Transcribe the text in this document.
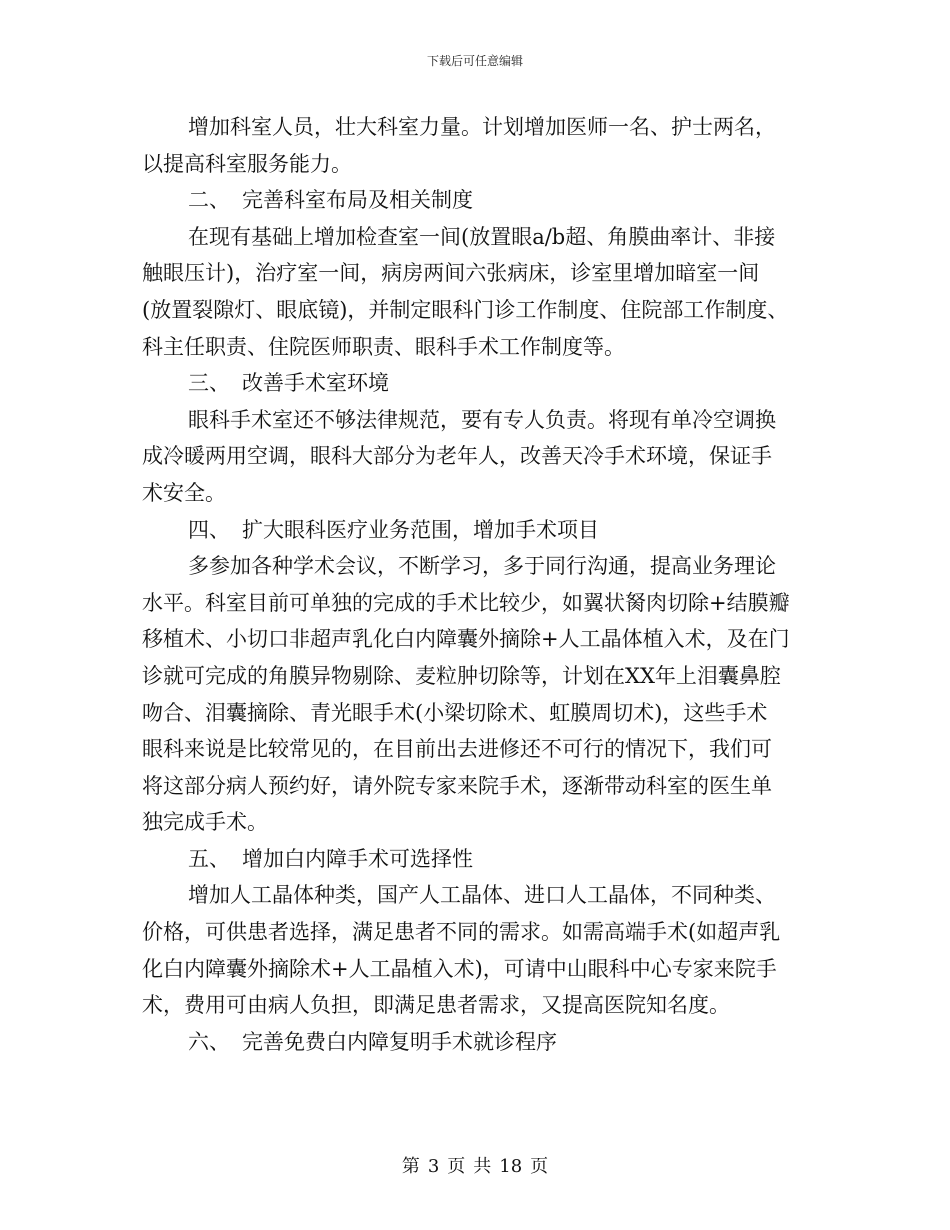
下载后可任意编辑

增加科室人员，壮大科室力量。计划增加医师一名、护士两名，

以提高科室服务能力。

二、 完善科室布局及相关制度

在现有基础上增加检查室一间(放置眼a/b超、角膜曲率计、非接

触眼压计)，治疗室一间，病房两间六张病床，诊室里增加暗室一间

(放置裂隙灯、眼底镜)，并制定眼科门诊工作制度、住院部工作制度、

科主任职责、住院医师职责、眼科手术工作制度等。

三、 改善手术室环境

眼科手术室还不够法律规范，要有专人负责。将现有单冷空调换

成冷暖两用空调，眼科大部分为老年人，改善天冷手术环境，保证手

术安全。

四、 扩大眼科医疗业务范围，增加手术项目

多参加各种学术会议，不断学习，多于同行沟通，提高业务理论

水平。科室目前可单独的完成的手术比较少，如翼状胬肉切除+结膜瓣

移植术、小切口非超声乳化白内障囊外摘除+人工晶体植入术，及在门

诊就可完成的角膜异物剔除、麦粒肿切除等，计划在XX年上泪囊鼻腔

吻合、泪囊摘除、青光眼手术(小梁切除术、虹膜周切术)，这些手术

眼科来说是比较常见的，在目前出去进修还不可行的情况下，我们可

将这部分病人预约好，请外院专家来院手术，逐渐带动科室的医生单

独完成手术。

五、 增加白内障手术可选择性

增加人工晶体种类，国产人工晶体、进口人工晶体，不同种类、

价格，可供患者选择，满足患者不同的需求。如需高端手术(如超声乳

化白内障囊外摘除术+人工晶植入术)，可请中山眼科中心专家来院手

术，费用可由病人负担，即满足患者需求，又提高医院知名度。

六、 完善免费白内障复明手术就诊程序

第 3 页 共 18 页
